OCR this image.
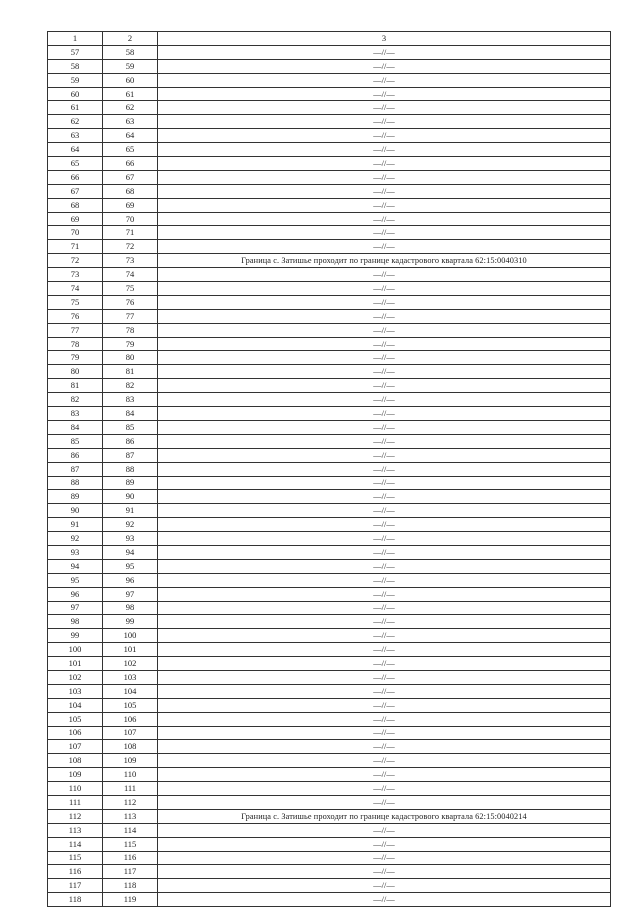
1	2	3
57	58	—//—
58	59	—//—
59	60	—//—
60	61	—//—
61	62	—//—
62	63	—//—
63	64	—//—
64	65	—//—
65	66	—//—
66	67	—//—
67	68	—//—
68	69	—//—
69	70	—//—
70	71	—//—
71	72	—//—
72	73	Граница с. Затишье проходит по границе кадастрового квартала 62:15:0040310
73	74	—//—
74	75	—//—
75	76	—//—
76	77	—//—
77	78	—//—
78	79	—//—
79	80	—//—
80	81	—//—
81	82	—//—
82	83	—//—
83	84	—//—
84	85	—//—
85	86	—//—
86	87	—//—
87	88	—//—
88	89	—//—
89	90	—//—
90	91	—//—
91	92	—//—
92	93	—//—
93	94	—//—
94	95	—//—
95	96	—//—
96	97	—//—
97	98	—//—
98	99	—//—
99	100	—//—
100	101	—//—
101	102	—//—
102	103	—//—
103	104	—//—
104	105	—//—
105	106	—//—
106	107	—//—
107	108	—//—
108	109	—//—
109	110	—//—
110	111	—//—
111	112	—//—
112	113	Граница с. Затишье проходит по границе кадастрового квартала 62:15:0040214
113	114	—//—
114	115	—//—
115	116	—//—
116	117	—//—
117	118	—//—
118	119	—//—
